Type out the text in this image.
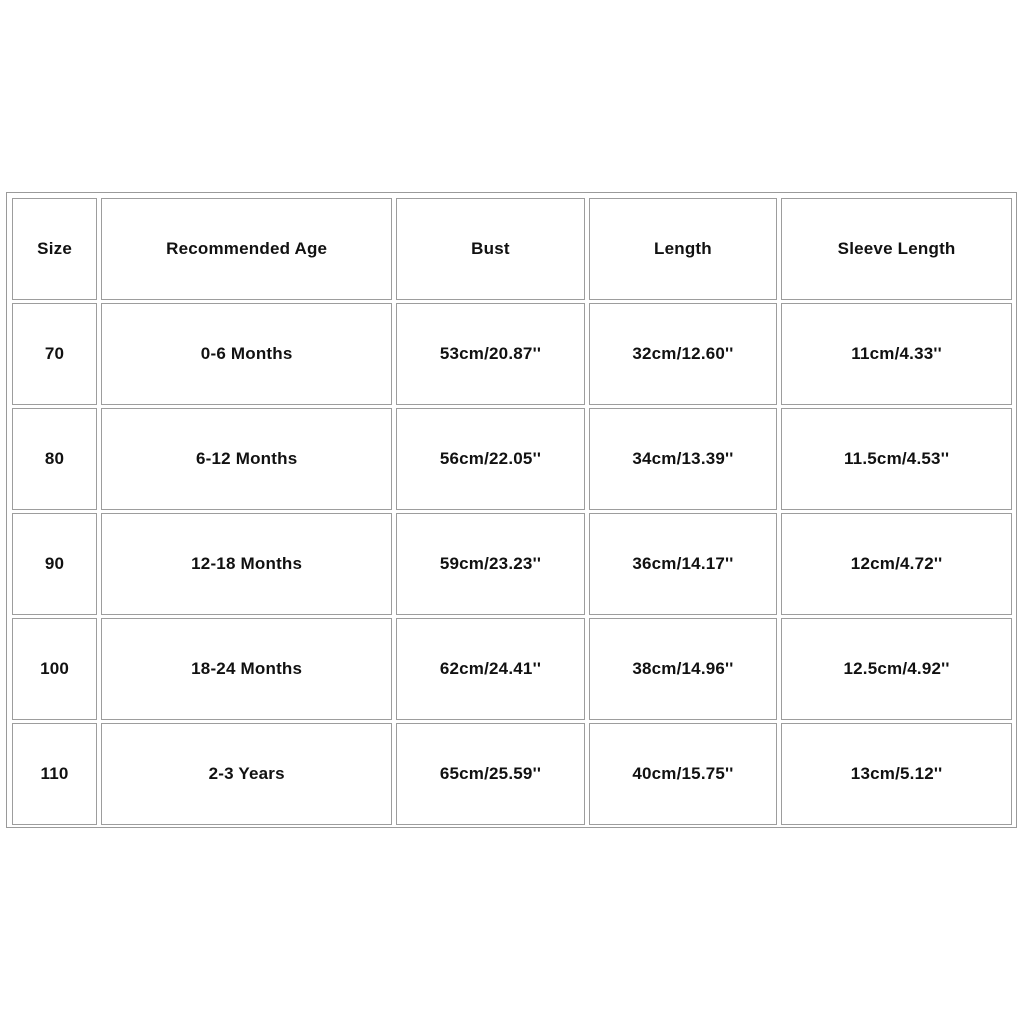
Size	Recommended Age	Bust	Length	Sleeve Length
70	0-6 Months	53cm/20.87''	32cm/12.60''	11cm/4.33''
80	6-12 Months	56cm/22.05''	34cm/13.39''	11.5cm/4.53''
90	12-18 Months	59cm/23.23''	36cm/14.17''	12cm/4.72''
100	18-24 Months	62cm/24.41''	38cm/14.96''	12.5cm/4.92''
110	2-3 Years	65cm/25.59''	40cm/15.75''	13cm/5.12''
